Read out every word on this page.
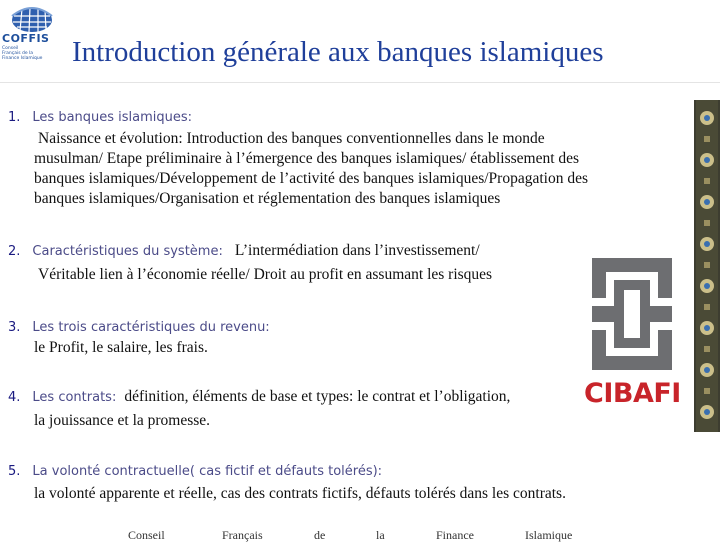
COFFIS
Conseil
Français de la
Finance Islamique Introduction générale aux banques islamiques
1. Les banques islamiques:
Naissance et évolution: Introduction des banques conventionnelles dans le monde
musulman/ Etape préliminaire à l’émergence des banques islamiques/ établissement des
banques islamiques/Développement de l’activité des banques islamiques/Propagation des
banques islamiques/Organisation et réglementation des banques islamiques
2. Caractéristiques du système: L’intermédiation dans l’investissement/
Véritable lien à l’économie réelle/ Droit au profit en assumant les risques
3. Les trois caractéristiques du revenu:
le Profit, le salaire, les frais.
4. Les contrats: définition, éléments de base et types: le contrat et l’obligation,
la jouissance et la promesse.
5. La volonté contractuelle( cas fictif et défauts tolérés):
la volonté apparente et réelle, cas des contrats fictifs, défauts tolérés dans les contrats.
CIBAFI
Conseil	Français	de	la	Finance	Islamique
